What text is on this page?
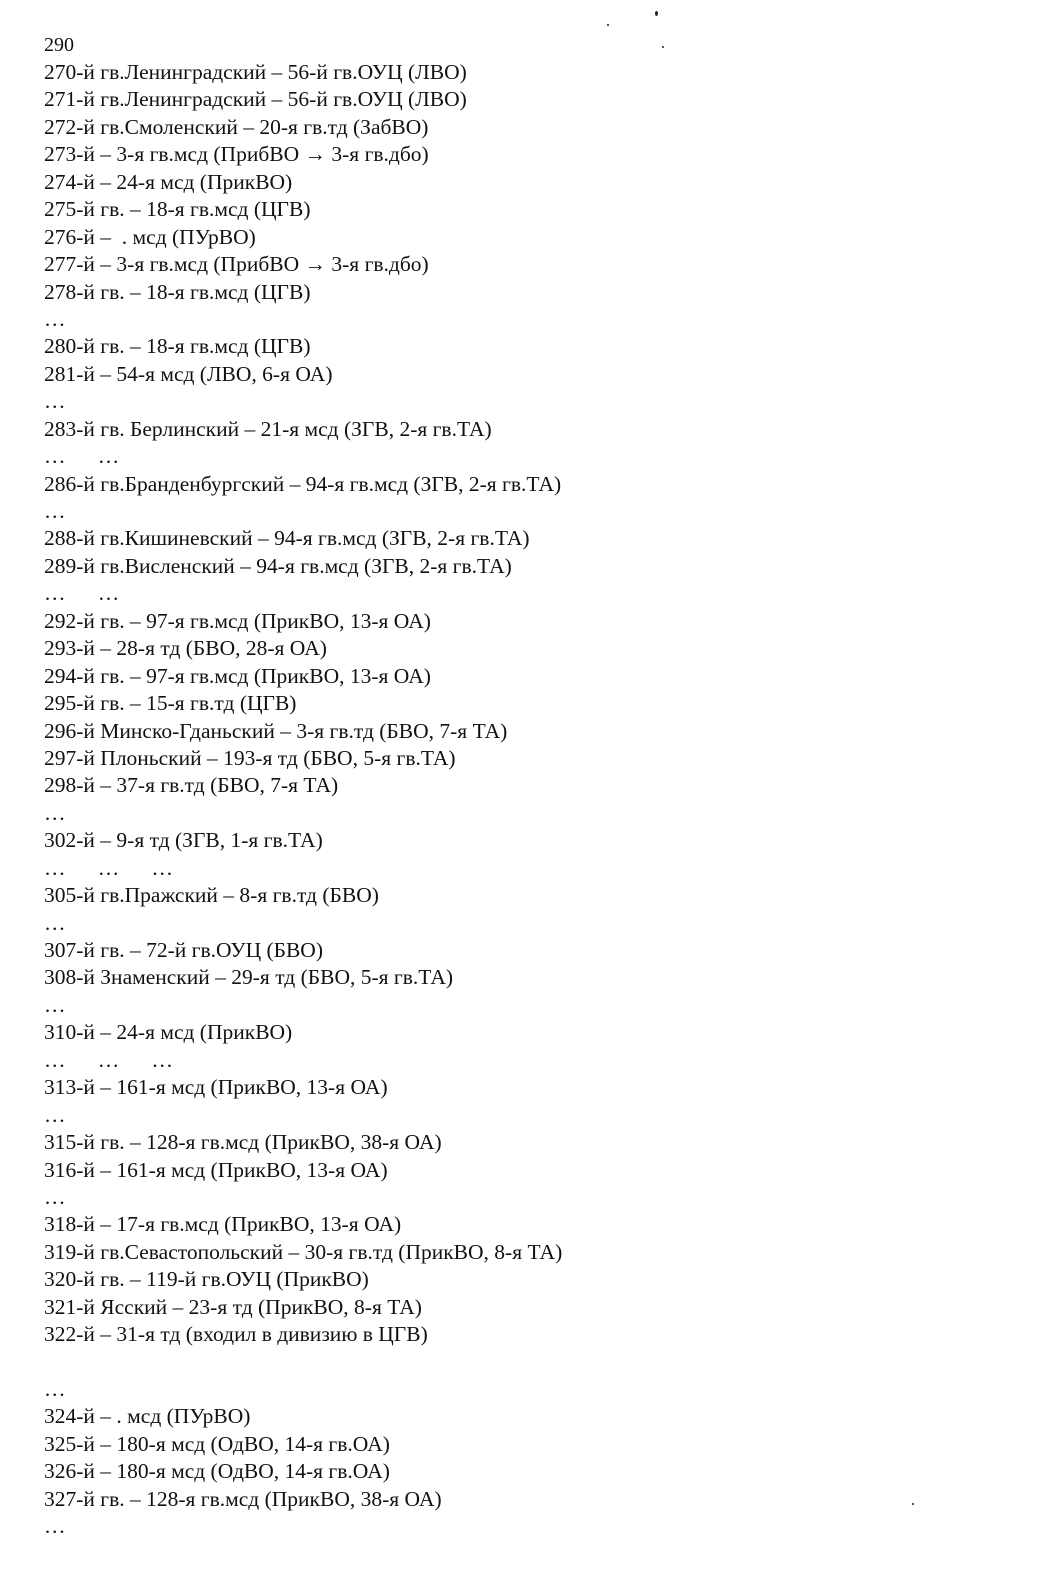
290
270-й гв.Ленинградский – 56-й гв.ОУЦ (ЛВО)
271-й гв.Ленинградский – 56-й гв.ОУЦ (ЛВО)
272-й гв.Смоленский – 20-я гв.тд (ЗабВО)
273-й – 3-я гв.мсд (ПрибВО → 3-я гв.дбо)
274-й – 24-я мсд (ПрикВО)
275-й гв. – 18-я гв.мсд (ЦГВ)
276-й –  . мсд (ПУрВО)
277-й – 3-я гв.мсд (ПрибВО → 3-я гв.дбо)
278-й гв. – 18-я гв.мсд (ЦГВ)
…
280-й гв. – 18-я гв.мсд (ЦГВ)
281-й – 54-я мсд (ЛВО, 6-я ОА)
…
283-й гв. Берлинский – 21-я мсд (ЗГВ, 2-я гв.ТА)
…      …
286-й гв.Бранденбургский – 94-я гв.мсд (ЗГВ, 2-я гв.ТА)
…
288-й гв.Кишиневский – 94-я гв.мсд (ЗГВ, 2-я гв.ТА)
289-й гв.Висленский – 94-я гв.мсд (ЗГВ, 2-я гв.ТА)
…      …
292-й гв. – 97-я гв.мсд (ПрикВО, 13-я ОА)
293-й – 28-я тд (БВО, 28-я ОА)
294-й гв. – 97-я гв.мсд (ПрикВО, 13-я ОА)
295-й гв. – 15-я гв.тд (ЦГВ)
296-й Минско-Гданьский – 3-я гв.тд (БВО, 7-я ТА)
297-й Плоньский – 193-я тд (БВО, 5-я гв.ТА)
298-й – 37-я гв.тд (БВО, 7-я ТА)
…
302-й – 9-я тд (ЗГВ, 1-я гв.ТА)
…      …      …
305-й гв.Пражский – 8-я гв.тд (БВО)
…
307-й гв. – 72-й гв.ОУЦ (БВО)
308-й Знаменский – 29-я тд (БВО, 5-я гв.ТА)
…
310-й – 24-я мсд (ПрикВО)
…      …      …
313-й – 161-я мсд (ПрикВО, 13-я ОА)
…
315-й гв. – 128-я гв.мсд (ПрикВО, 38-я ОА)
316-й – 161-я мсд (ПрикВО, 13-я ОА)
…
318-й – 17-я гв.мсд (ПрикВО, 13-я ОА)
319-й гв.Севастопольский – 30-я гв.тд (ПрикВО, 8-я ТА)
320-й гв. – 119-й гв.ОУЦ (ПрикВО)
321-й Ясский – 23-я тд (ПрикВО, 8-я ТА)
322-й – 31-я тд (входил в дивизию в ЦГВ)
…
324-й – . мсд (ПУрВО)
325-й – 180-я мсд (ОдВО, 14-я гв.ОА)
326-й – 180-я мсд (ОдВО, 14-я гв.ОА)
327-й гв. – 128-я гв.мсд (ПрикВО, 38-я ОА)
…
